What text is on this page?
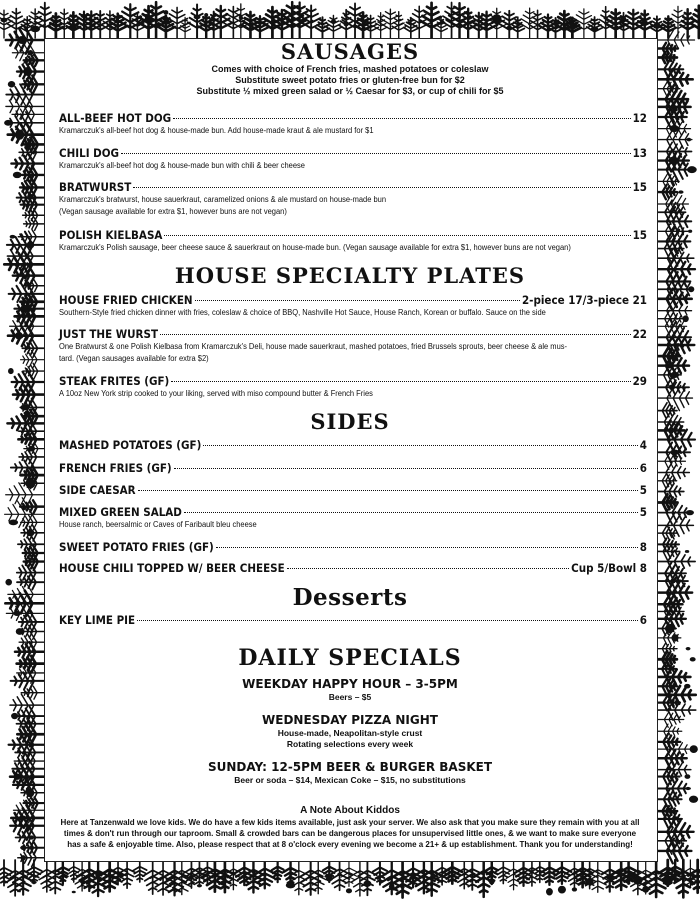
SAUSAGES
Comes with choice of French fries, mashed potatoes or coleslaw
Substitute sweet potato fries or gluten-free bun for $2
Substitute ½ mixed green salad or ½ Caesar for $3, or cup of chili for $5
ALL-BEEF HOT DOG	12
Kramarczuk's all-beef hot dog & house-made bun. Add house-made kraut & ale mustard for $1
CHILI DOG	13
Kramarczuk's all-beef hot dog & house-made bun with chili & beer cheese
BRATWURST	15
Kramarczuk's bratwurst, house sauerkraut, caramelized onions & ale mustard on house-made bun
(Vegan sausage available for extra $1, however buns are not vegan)
POLISH KIELBASA	15
Kramarczuk's Polish sausage, beer cheese sauce & sauerkraut on house-made bun. (Vegan sausage available for extra $1, however buns are not vegan)
HOUSE SPECIALTY PLATES
HOUSE FRIED CHICKEN	2-piece 17/3-piece 21
Southern-Style fried chicken dinner with fries, coleslaw & choice of BBQ, Nashville Hot Sauce, House Ranch, Korean or buffalo. Sauce on the side
JUST THE WURST	22
One Bratwurst & one Polish Kielbasa from Kramarczuk's Deli, house made sauerkraut, mashed potatoes, fried Brussels sprouts, beer cheese & ale mus-
tard. (Vegan sausages available for extra $2)
STEAK FRITES (GF)	29
A 10oz New York strip cooked to your liking, served with miso compound butter & French Fries
SIDES
MASHED POTATOES (GF)	4
FRENCH FRIES (GF)	6
SIDE CAESAR	5
MIXED GREEN SALAD	5
House ranch, beersalmic or Caves of Faribault bleu cheese
SWEET POTATO FRIES (GF)	8
HOUSE CHILI TOPPED W/ BEER CHEESE	Cup 5/Bowl 8
Desserts
KEY LIME PIE	6
DAILY SPECIALS
WEEKDAY HAPPY HOUR – 3-5PM
Beers – $5
WEDNESDAY PIZZA NIGHT
House-made, Neapolitan-style crust
Rotating selections every week
SUNDAY: 12-5PM BEER & BURGER BASKET
Beer or soda – $14, Mexican Coke – $15, no substitutions
A Note About Kiddos
Here at Tanzenwald we love kids. We do have a few kids items available, just ask your server. We also ask that you make sure they remain with you at all times & don't run through our taproom. Small & crowded bars can be dangerous places for unsupervised little ones, & we want to make sure everyone has a safe & enjoyable time. Also, please respect that at 8 o'clock every evening we become a 21+ & up establishment. Thank you for understanding!
